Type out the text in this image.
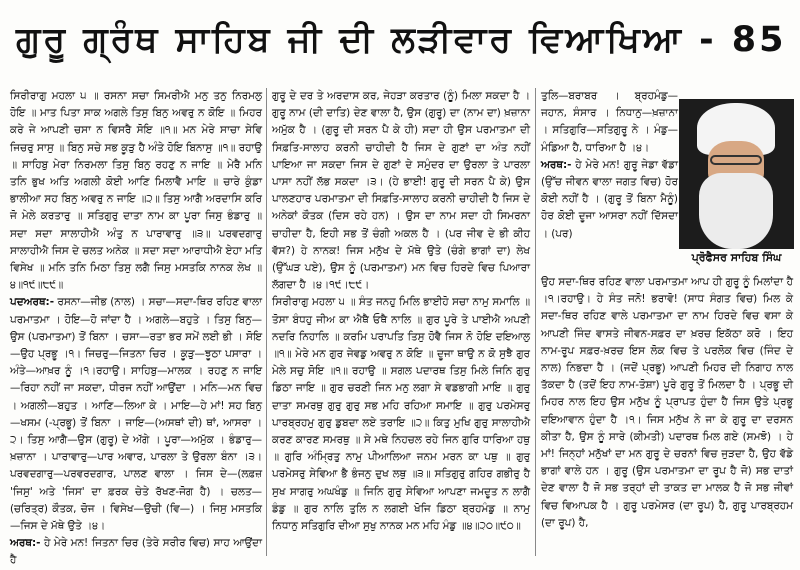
ਗੁਰੂ ਗ੍ਰੰਥ ਸਾਹਿਬ ਜੀ ਦੀ ਲੜੀਵਾਰ ਵਿਆਖਿਆ - 85

ਸਿਰੀਰਾਗੁ ਮਹਲਾ ੫ ॥ ਰਸਨਾ ਸਚਾ ਸਿਮਰੀਐ ਮਨੁ ਤਨੁ ਨਿਰਮਲੁ ਹੋਇ ॥ ਮਾਤ ਪਿਤਾ ਸਾਕ ਅਗਲੇ ਤਿਸੁ ਬਿਨੁ ਅਵਰੁ ਨ ਕੋਇ ॥ ਮਿਹਰ ਕਰੇ ਜੇ ਆਪਣੀ ਚਸਾ ਨ ਵਿਸਰੈ ਸੋਇ ॥੧॥ ਮਨ ਮੇਰੇ ਸਾਚਾ ਸੇਵਿ ਜਿਚਰੁ ਸਾਸੁ ॥ ਬਿਨੁ ਸਚੇ ਸਭ ਕੂੜੁ ਹੈ ਅੰਤੇ ਹੋਇ ਬਿਨਾਸੁ ॥੧॥ ਰਹਾਉ ॥ ਸਾਹਿਬੁ ਮੇਰਾ ਨਿਰਮਲਾ ਤਿਸੁ ਬਿਨੁ ਰਹਣੁ ਨ ਜਾਇ ॥ ਮੇਰੈ ਮਨਿ ਤਨਿ ਭੁਖ ਅਤਿ ਅਗਲੀ ਕੋਈ ਆਣਿ ਮਿਲਾਵੈ ਮਾਇ ॥ ਚਾਰੇ ਕੁੰਡਾ ਭਾਲੀਆ ਸਹ ਬਿਨੁ ਅਵਰੁ ਨ ਜਾਇ ॥੨॥ ਤਿਸੁ ਆਗੈ ਅਰਦਾਸਿ ਕਰਿ ਜੋ ਮੇਲੇ ਕਰਤਾਰੁ ॥ ਸਤਿਗੁਰੁ ਦਾਤਾ ਨਾਮ ਕਾ ਪੂਰਾ ਜਿਸੁ ਭੰਡਾਰੁ ॥ ਸਦਾ ਸਦਾ ਸਾਲਾਹੀਐ ਅੰਤੁ ਨ ਪਾਰਾਵਾਰੁ ॥੩॥ ਪਰਵਦਗਾਰੁ ਸਾਲਾਹੀਐ ਜਿਸ ਦੇ ਚਲਤ ਅਨੇਕ ॥ ਸਦਾ ਸਦਾ ਆਰਾਧੀਐ ਏਹਾ ਮਤਿ ਵਿਸੇਖ ॥ ਮਨਿ ਤਨਿ ਮਿਠਾ ਤਿਸੁ ਲਗੈ ਜਿਸੁ ਮਸਤਕਿ ਨਾਨਕ ਲੇਖ ॥੪॥੧੯॥੮੯॥

ਪਦਅਰਥ:- ਰਸਨਾ—ਜੀਭ (ਨਾਲ) । ਸਚਾ—ਸਦਾ-ਥਿਰ ਰਹਿਣ ਵਾਲਾ ਪਰਮਾਤਮਾ । ਹੋਇ—ਹੋ ਜਾਂਦਾ ਹੈ । ਅਗਲੇ—ਬਹੁਤੇ । ਤਿਸੁ ਬਿਨੁ—ਉਸ (ਪਰਮਾਤਮਾ) ਤੋਂ ਬਿਨਾ । ਚਸਾ—ਰਤਾ ਭਰ ਸਮੇਂ ਲਈ ਭੀ । ਸੋਇ—ਉਹ ਪ੍ਰਭੂ ।੧। ਜਿਚਰੁ—ਜਿਤਨਾ ਚਿਰ । ਕੂੜੁ—ਝੂਠਾ ਪਸਾਰਾ । ਅੰਤੇ—ਆਖ਼ਰ ਨੂੰ ।੧।ਰਹਾਉ। ਸਾਹਿਬੁ—ਮਾਲਕ । ਰਹਣੁ ਨ ਜਾਇ—ਰਿਹਾ ਨਹੀਂ ਜਾ ਸਕਦਾ, ਧੀਰਜ ਨਹੀਂ ਆਉਂਦਾ । ਮਨਿ—ਮਨ ਵਿਚ । ਅਗਲੀ—ਬਹੁਤ । ਆਣਿ—ਲਿਆ ਕੇ । ਮਾਇ—ਹੇ ਮਾਂ! ਸਹ ਬਿਨੁ—ਖਸਮ (-ਪ੍ਰਭੂ) ਤੋਂ ਬਿਨਾ । ਜਾਇ—(ਅਸਥਾਂ ਦੀ) ਥਾਂ, ਆਸਰਾ ।੨। ਤਿਸੁ ਆਗੈ—ਉਸ (ਗੁਰੂ) ਦੇ ਅੱਗੇ । ਪੂਰਾ—ਅਮੁੱਕ । ਭੰਡਾਰੁ—ਖ਼ਜ਼ਾਨਾ । ਪਾਰਾਵਾਰੁ—ਪਾਰ ਅਵਾਰ, ਪਾਰਲਾ ਤੇ ਉਰਲਾ ਬੰਨਾ ।੩। ਪਰਵਦਗਾਰੁ—ਪਰਵਰਦਗਾਰ, ਪਾਲਣ ਵਾਲਾ । ਜਿਸ ਦੇ—(ਲਫ਼ਜ਼ 'ਜਿਸੁ' ਅਤੇ 'ਜਿਸ' ਦਾ ਫ਼ਰਕ ਚੇਤੇ ਰੱਖਣ-ਜੋਗ ਹੈ) । ਚਲਤ—(ਚਰਿਤ੍ਰ) ਕੌਤਕ, ਚੋਜ । ਵਿਸੇਖ—ਉਚੀ (ਵਿ—) । ਜਿਸੁ ਮਸਤਕਿ—ਜਿਸ ਦੇ ਮੱਥੇ ਉਤੇ ।੪।

ਅਰਥ:- ਹੇ ਮੇਰੇ ਮਨ! ਜਿਤਨਾ ਚਿਰ (ਤੇਰੇ ਸਰੀਰ ਵਿਚ) ਸਾਹ ਆਉਂਦਾ ਹੈ

ਗੁਰੂ ਦੇ ਦਰ ਤੇ ਅਰਦਾਸ ਕਰ, ਜੇਹੜਾ ਕਰਤਾਰ (ਨੂੰ) ਮਿਲਾ ਸਕਦਾ ਹੈ । ਗੁਰੂ ਨਾਮ (ਦੀ ਦਾਤਿ) ਦੇਣ ਵਾਲਾ ਹੈ, ਉਸ (ਗੁਰੂ) ਦਾ (ਨਾਮ ਦਾ) ਖ਼ਜ਼ਾਨਾ ਅਮੁੱਕ ਹੈ । (ਗੁਰੂ ਦੀ ਸਰਨ ਪੈ ਕੇ ਹੀ) ਸਦਾ ਹੀ ਉਸ ਪਰਮਾਤਮਾ ਦੀ ਸਿਫ਼ਤਿ-ਸਾਲਾਹ ਕਰਨੀ ਚਾਹੀਦੀ ਹੈ ਜਿਸ ਦੇ ਗੁਣਾਂ ਦਾ ਅੰਤ ਨਹੀਂ ਪਾਇਆ ਜਾ ਸਕਦਾ ਜਿਸ ਦੇ ਗੁਣਾਂ ਦੇ ਸਮੁੰਦਰ ਦਾ ਉਰਲਾ ਤੇ ਪਾਰਲਾ ਪਾਸਾ ਨਹੀਂ ਲੱਭ ਸਕਦਾ ।੩। (ਹੇ ਭਾਈ! ਗੁਰੂ ਦੀ ਸਰਨ ਪੈ ਕੇ) ਉਸ ਪਾਲਣਹਾਰ ਪਰਮਾਤਮਾ ਦੀ ਸਿਫ਼ਤਿ-ਸਾਲਾਹ ਕਰਨੀ ਚਾਹੀਦੀ ਹੈ ਜਿਸ ਦੇ ਅਨੇਕਾਂ ਕੌਤਕ (ਦਿਸ ਰਹੇ ਹਨ) । ਉਸ ਦਾ ਨਾਮ ਸਦਾ ਹੀ ਸਿਮਰਨਾ ਚਾਹੀਦਾ ਹੈ, ਇਹੀ ਸਭ ਤੋਂ ਚੰਗੀ ਅਕਲ ਹੈ । (ਪਰ ਜੀਵ ਦੇ ਭੀ ਕੀਹ ਵੱਸ?) ਹੇ ਨਾਨਕ! ਜਿਸ ਮਨੁੱਖ ਦੇ ਮੱਥੇ ਉਤੇ (ਚੰਗੇ ਭਾਗਾਂ ਦਾ) ਲੇਖ (ਉੱਘੜ ਪਏ), ਉਸ ਨੂੰ (ਪਰਮਾਤਮਾ) ਮਨ ਵਿਚ ਹਿਰਦੇ ਵਿਚ ਪਿਆਰਾ ਲੱਗਦਾ ਹੈ ।੪।੧੯।੮੯।

ਸਿਰੀਰਾਗੁ ਮਹਲਾ ੫ ॥ ਸੰਤ ਜਨਹੁ ਮਿਲਿ ਭਾਈਹੋ ਸਚਾ ਨਾਮੁ ਸਮਾਲਿ ॥ ਤੋਸਾ ਬੰਧਹੁ ਜੀਅ ਕਾ ਐਥੈ ਓਥੈ ਨਾਲਿ ॥ ਗੁਰ ਪੂਰੇ ਤੇ ਪਾਈਐ ਅਪਣੀ ਨਦਰਿ ਨਿਹਾਲਿ ॥ ਕਰਮਿ ਪਰਾਪਤਿ ਤਿਸੁ ਹੋਵੈ ਜਿਸ ਨੋ ਹੋਇ ਦਇਆਲੁ ॥੧॥ ਮੇਰੇ ਮਨ ਗੁਰ ਜੇਵਡੁ ਅਵਰੁ ਨ ਕੋਇ ॥ ਦੂਜਾ ਥਾਉ ਨ ਕੋ ਸੁਝੈ ਗੁਰ ਮੇਲੇ ਸਚੁ ਸੋਇ ॥੧॥ ਰਹਾਉ ॥ ਸਗਲ ਪਦਾਰਥ ਤਿਸੁ ਮਿਲੇ ਜਿਨਿ ਗੁਰੁ ਡਿਠਾ ਜਾਇ ॥ ਗੁਰ ਚਰਣੀ ਜਿਨ ਮਨੁ ਲਗਾ ਸੇ ਵਡਭਾਗੀ ਮਾਇ ॥ ਗੁਰੁ ਦਾਤਾ ਸਮਰਥੁ ਗੁਰੁ ਗੁਰੁ ਸਭ ਮਹਿ ਰਹਿਆ ਸਮਾਇ ॥ ਗੁਰੁ ਪਰਮੇਸਰੁ ਪਾਰਬ੍ਰਹਮੁ ਗੁਰੁ ਡੁਬਦਾ ਲਏ ਤਰਾਇ ॥੨॥ ਕਿਤੁ ਮੁਖਿ ਗੁਰੁ ਸਾਲਾਹੀਐ ਕਰਣ ਕਾਰਣ ਸਮਰਥੁ ॥ ਸੇ ਮਥੇ ਨਿਹਚਲ ਰਹੇ ਜਿਨ ਗੁਰਿ ਧਾਰਿਆ ਹਥੁ ॥ ਗੁਰਿ ਅੰਮ੍ਰਿਤੁ ਨਾਮੁ ਪੀਆਲਿਆ ਜਨਮ ਮਰਨ ਕਾ ਪਥੁ ॥ ਗੁਰੁ ਪਰਮੇਸਰੁ ਸੇਵਿਆ ਭੈ ਭੰਜਨੁ ਦੁਖ ਲਥੁ ॥੩॥ ਸਤਿਗੁਰੁ ਗਹਿਰ ਗਭੀਰੁ ਹੈ ਸੁਖ ਸਾਗਰੁ ਅਘਖੰਡੁ ॥ ਜਿਨਿ ਗੁਰੁ ਸੇਵਿਆ ਆਪਣਾ ਜਮਦੂਤ ਨ ਲਾਗੈ ਡੰਡੁ ॥ ਗੁਰ ਨਾਲਿ ਤੁਲਿ ਨ ਲਗਈ ਖੋਜਿ ਡਿਠਾ ਬ੍ਰਹਮੰਡੁ ॥ ਨਾਮੁ ਨਿਧਾਨੁ ਸਤਿਗੁਰਿ ਦੀਆ ਸੁਖੁ ਨਾਨਕ ਮਨ ਮਹਿ ਮੰਡੁ ॥੪॥੨੦॥੯੦॥

ਤੁਲਿ—ਬਰਾਬਰ । ਬ੍ਰਹਮੰਡੁ—ਜਹਾਨ, ਸੰਸਾਰ । ਨਿਧਾਨੁ—ਖ਼ਜ਼ਾਨਾ । ਸਤਿਗੁਰਿ—ਸਤਿਗੁਰੂ ਨੇ । ਮੰਡੁ—ਮੰਡਿਆ ਹੈ, ਧਾਰਿਆ ਹੈ ।੪।

ਅਰਥ:- ਹੇ ਮੇਰੇ ਮਨ! ਗੁਰੂ ਜੇਡਾ ਵੱਡਾ (ਉੱਚ ਜੀਵਨ ਵਾਲਾ ਜਗਤ ਵਿਚ) ਹੋਰ ਕੋਈ ਨਹੀਂ ਹੈ । (ਗੁਰੂ ਤੋਂ ਬਿਨਾ ਮੈਨੂੰ) ਹੋਰ ਕੋਈ ਦੂਜਾ ਆਸਰਾ ਨਹੀਂ ਦਿੱਸਦਾ । (ਪਰ)

ਪ੍ਰੋਫੈਸਰ ਸਾਹਿਬ ਸਿੰਘ

ਉਹ ਸਦਾ-ਥਿਰ ਰਹਿਣ ਵਾਲਾ ਪਰਮਾਤਮਾ ਆਪ ਹੀ ਗੁਰੂ ਨੂੰ ਮਿਲਾਂਦਾ ਹੈ ।੧।ਰਹਾਉ। ਹੇ ਸੰਤ ਜਨੋ! ਭਰਾਵੋ! (ਸਾਧ ਸੰਗਤ ਵਿਚ) ਮਿਲ ਕੇ ਸਦਾ-ਥਿਰ ਰਹਿਣ ਵਾਲੇ ਪਰਮਾਤਮਾ ਦਾ ਨਾਮ ਹਿਰਦੇ ਵਿਚ ਵਸਾ ਕੇ ਆਪਣੀ ਜਿੰਦ ਵਾਸਤੇ ਜੀਵਨ-ਸਫ਼ਰ ਦਾ ਖ਼ਰਚ ਇਕੱਠਾ ਕਰੋ । ਇਹ ਨਾਮ-ਰੂਪ ਸਫ਼ਰ-ਖ਼ਰਚ ਇਸ ਲੋਕ ਵਿਚ ਤੇ ਪਰਲੋਕ ਵਿਚ (ਜਿੰਦ ਦੇ ਨਾਲ) ਨਿਭਦਾ ਹੈ । (ਜਦੋਂ ਪ੍ਰਭੂ) ਆਪਣੀ ਮਿਹਰ ਦੀ ਨਿਗਾਹ ਨਾਲ ਤੱਕਦਾ ਹੈ (ਤਦੋਂ ਇਹ ਨਾਮ-ਤੋਸ਼ਾ) ਪੂਰੇ ਗੁਰੂ ਤੋਂ ਮਿਲਦਾ ਹੈ । ਪ੍ਰਭੂ ਦੀ ਮਿਹਰ ਨਾਲ ਇਹ ਉਸ ਮਨੁੱਖ ਨੂੰ ਪ੍ਰਾਪਤ ਹੁੰਦਾ ਹੈ ਜਿਸ ਉਤੇ ਪ੍ਰਭੂ ਦਇਆਵਾਨ ਹੁੰਦਾ ਹੈ ।੧। ਜਿਸ ਮਨੁੱਖ ਨੇ ਜਾ ਕੇ ਗੁਰੂ ਦਾ ਦਰਸਨ ਕੀਤਾ ਹੈ, ਉਸ ਨੂੰ ਸਾਰੇ (ਕੀਮਤੀ) ਪਦਾਰਥ ਮਿਲ ਗਏ (ਸਮਝੋ) । ਹੇ ਮਾਂ! ਜਿਨ੍ਹਾਂ ਮਨੁੱਖਾਂ ਦਾ ਮਨ ਗੁਰੂ ਦੇ ਚਰਨਾਂ ਵਿਚ ਜੁੜਦਾ ਹੈ, ਉਹ ਵੱਡੇ ਭਾਗਾਂ ਵਾਲੇ ਹਨ । ਗੁਰੂ (ਉਸ ਪਰਮਾਤਮਾ ਦਾ ਰੂਪ ਹੈ ਜੋ) ਸਭ ਦਾਤਾਂ ਦੇਣ ਵਾਲਾ ਹੈ ਜੋ ਸਭ ਤਰ੍ਹਾਂ ਦੀ ਤਾਕਤ ਦਾ ਮਾਲਕ ਹੈ ਜੋ ਸਭ ਜੀਵਾਂ ਵਿਚ ਵਿਆਪਕ ਹੈ । ਗੁਰੂ ਪਰਮੇਸਰ (ਦਾ ਰੂਪ) ਹੈ, ਗੁਰੂ ਪਾਰਬ੍ਰਹਮ (ਦਾ ਰੂਪ) ਹੈ,
